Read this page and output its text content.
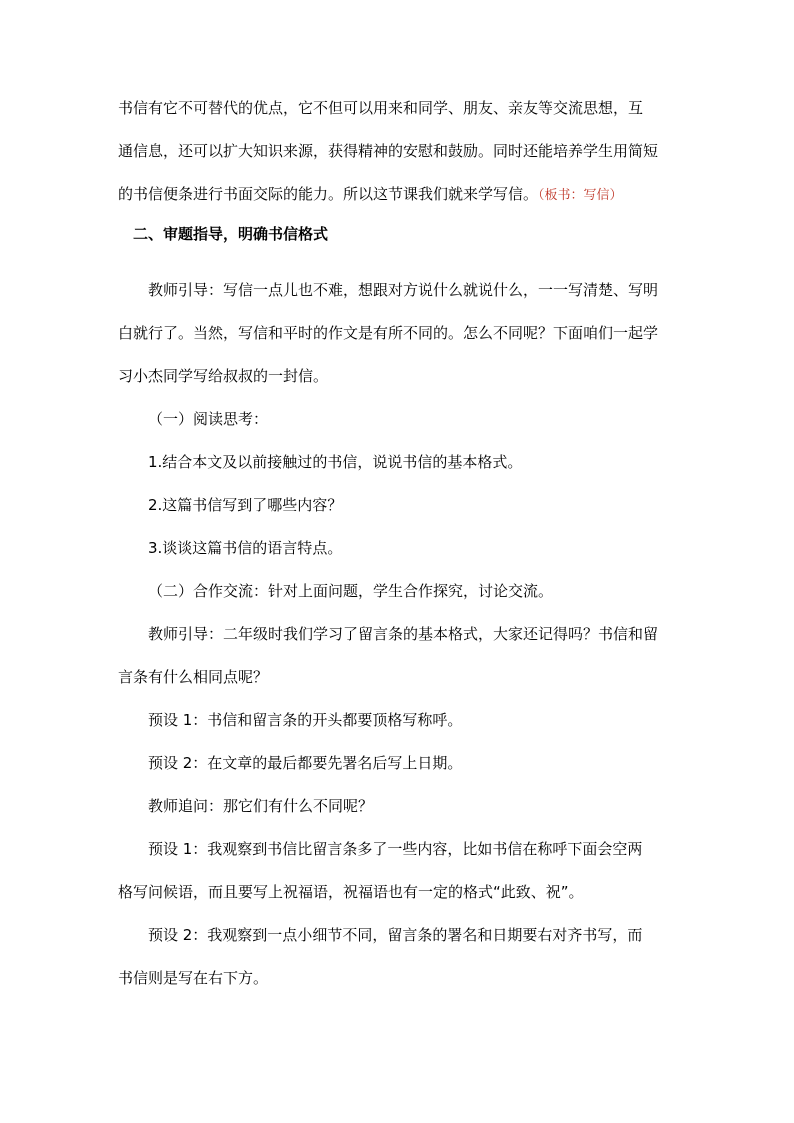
书信有它不可替代的优点，它不但可以用来和同学、朋友、亲友等交流思想，互
通信息，还可以扩大知识来源，获得精神的安慰和鼓励。同时还能培养学生用简短
的书信便条进行书面交际的能力。所以这节课我们就来学写信。（板书：写信）
二、审题指导，明确书信格式
教师引导：写信一点儿也不难，想跟对方说什么就说什么，一一写清楚、写明
白就行了。当然，写信和平时的作文是有所不同的。怎么不同呢？下面咱们一起学
习小杰同学写给叔叔的一封信。
（一）阅读思考：
1.结合本文及以前接触过的书信，说说书信的基本格式。
2.这篇书信写到了哪些内容？
3.谈谈这篇书信的语言特点。
（二）合作交流：针对上面问题，学生合作探究，讨论交流。
教师引导：二年级时我们学习了留言条的基本格式，大家还记得吗？书信和留
言条有什么相同点呢？
预设 1：书信和留言条的开头都要顶格写称呼。
预设 2：在文章的最后都要先署名后写上日期。
教师追问：那它们有什么不同呢？
预设 1：我观察到书信比留言条多了一些内容，比如书信在称呼下面会空两
格写问候语，而且要写上祝福语，祝福语也有一定的格式“此致、祝”。
预设 2：我观察到一点小细节不同，留言条的署名和日期要右对齐书写，而
书信则是写在右下方。
